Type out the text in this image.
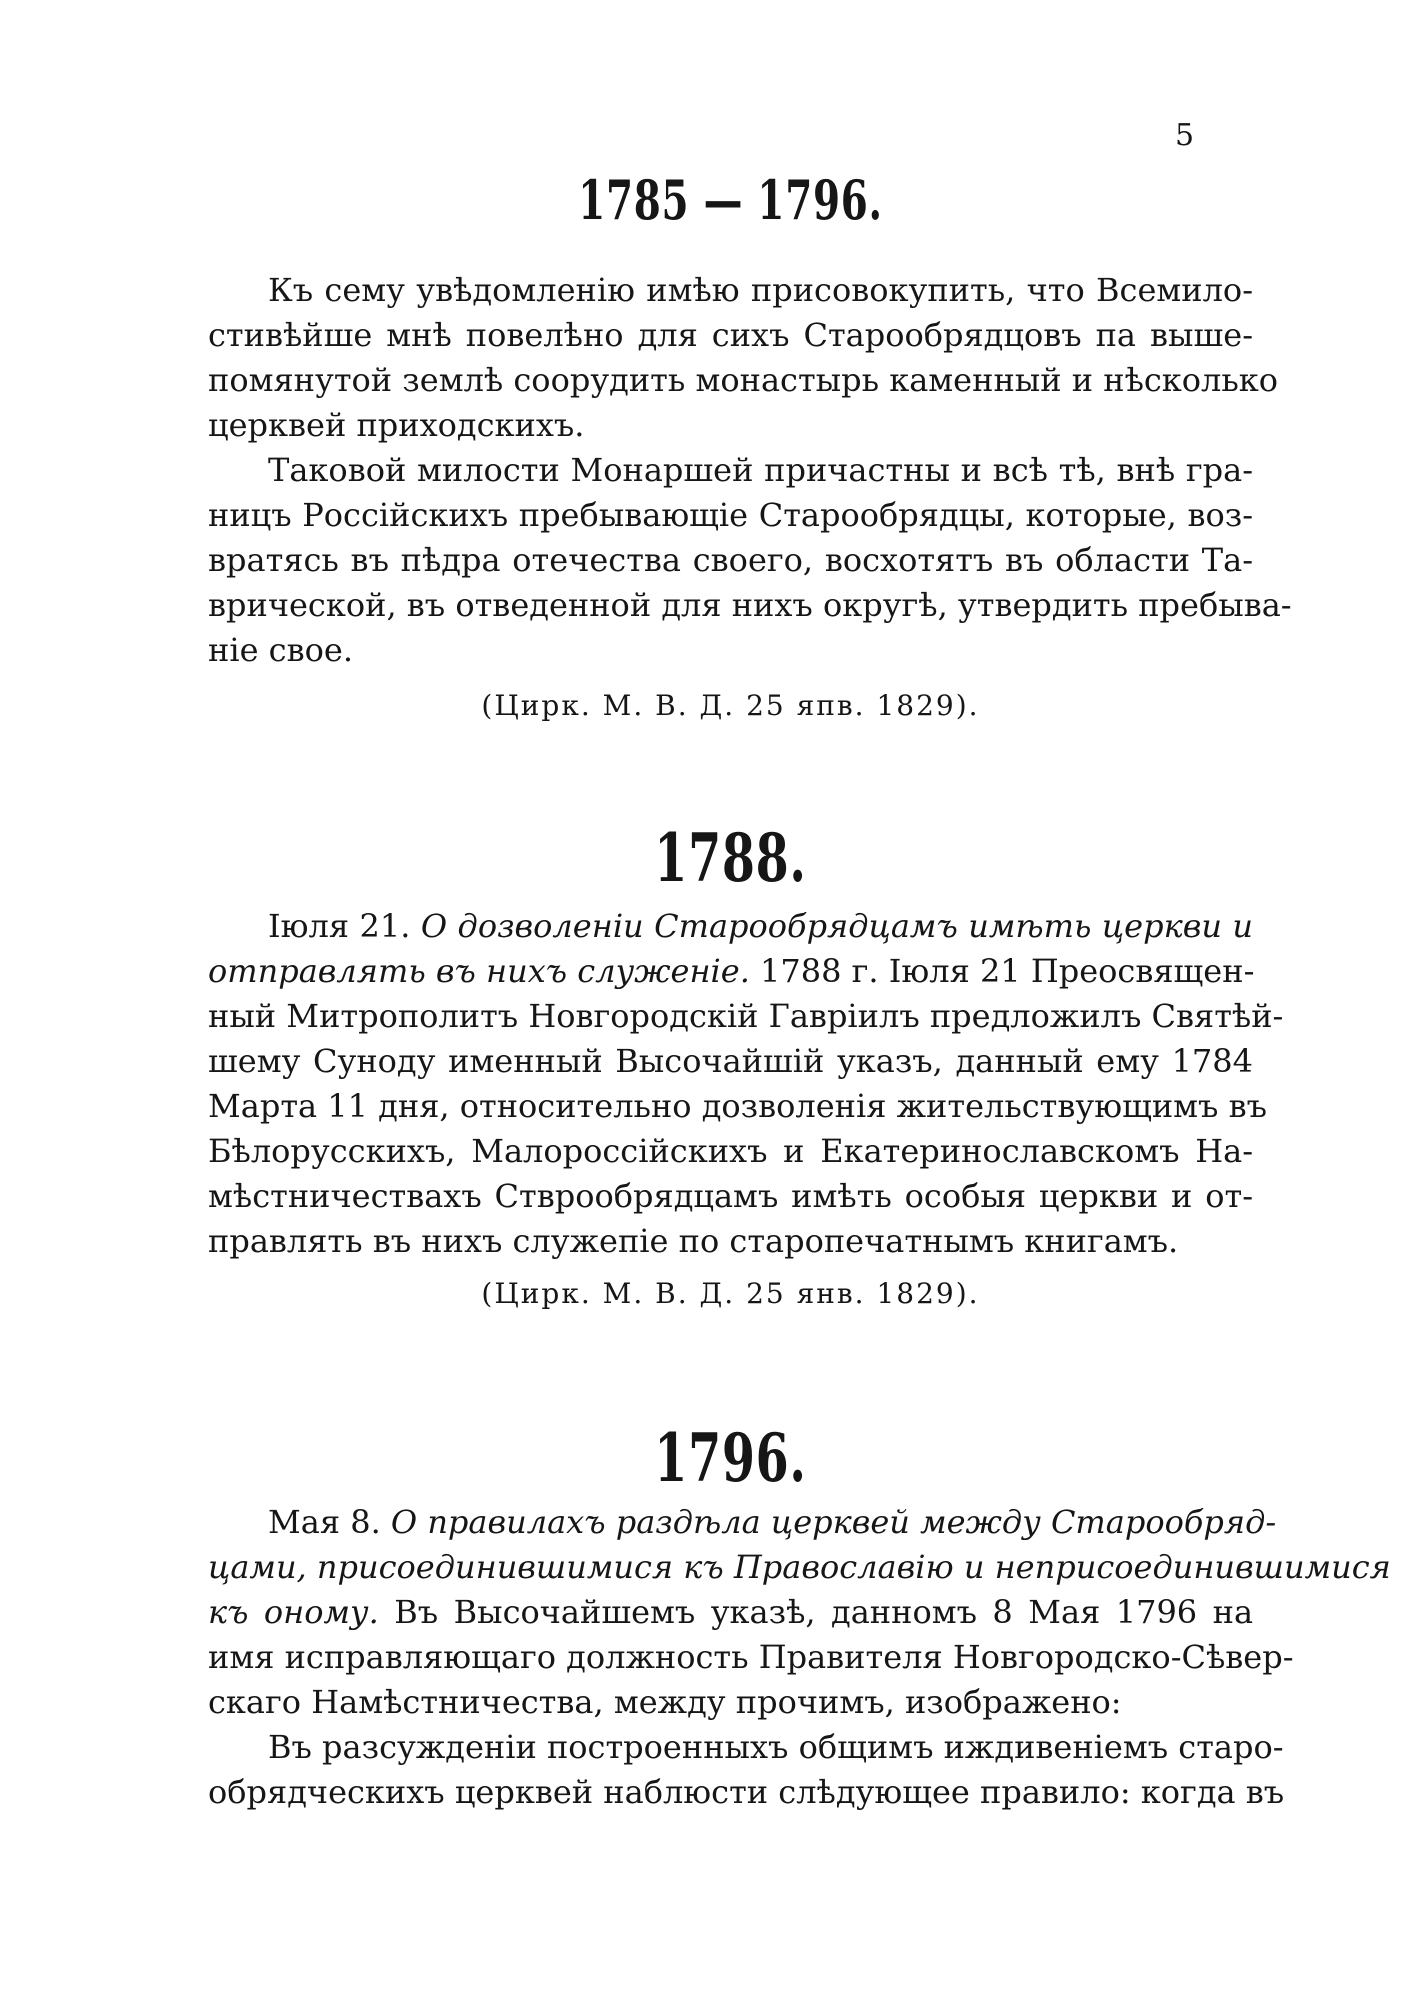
5
1785 — 1796.
Къ сему увѣдомленію имѣю присовокупить, что Всемило-
стивѣйше мнѣ повелѣно для сихъ Старообрядцовъ па выше-
помянутой землѣ соорудить монастырь каменный и нѣсколько
церквей приходскихъ.
Таковой милости Монаршей причастны и всѣ тѣ, внѣ гра-
ницъ Россійскихъ пребывающіе Старообрядцы, которые, воз-
вратясь въ пѣдра отечества своего, восхотятъ въ области Та-
врической, въ отведенной для нихъ округѣ, утвердить пребыва-
ніе свое.
(Цирк. М. В. Д. 25 япв. 1829).
1788.
Іюля 21. О дозволеніи Старообрядцамъ имѣть церкви и
отправлять въ нихъ служеніе. 1788 г. Іюля 21 Преосвящен-
ный Митрополитъ Новгородскій Гавріилъ предложилъ Святѣй-
шему Суноду именный Высочайшій указъ, данный ему 1784
Марта 11 дня, относительно дозволенія жительствующимъ въ
Бѣлорусскихъ, Малороссійскихъ и Екатеринославскомъ На-
мѣстничествахъ Стврообрядцамъ имѣть особыя церкви и от-
правлять въ нихъ служепіе по старопечатнымъ книгамъ.
(Цирк. М. В. Д. 25 янв. 1829).
1796.
Мая 8. О правилахъ раздѣла церквей между Старообряд-
цами, присоединившимися къ Православію и неприсоединившимися
къ оному. Въ Высочайшемъ указѣ, данномъ 8 Мая 1796 на
имя исправляющаго должность Правителя Новгородско-Сѣвер-
скаго Намѣстничества, между прочимъ, изображено:
Въ разсужденіи построенныхъ общимъ иждивеніемъ старо-
обрядческихъ церквей наблюсти слѣдующее правило: когда въ
